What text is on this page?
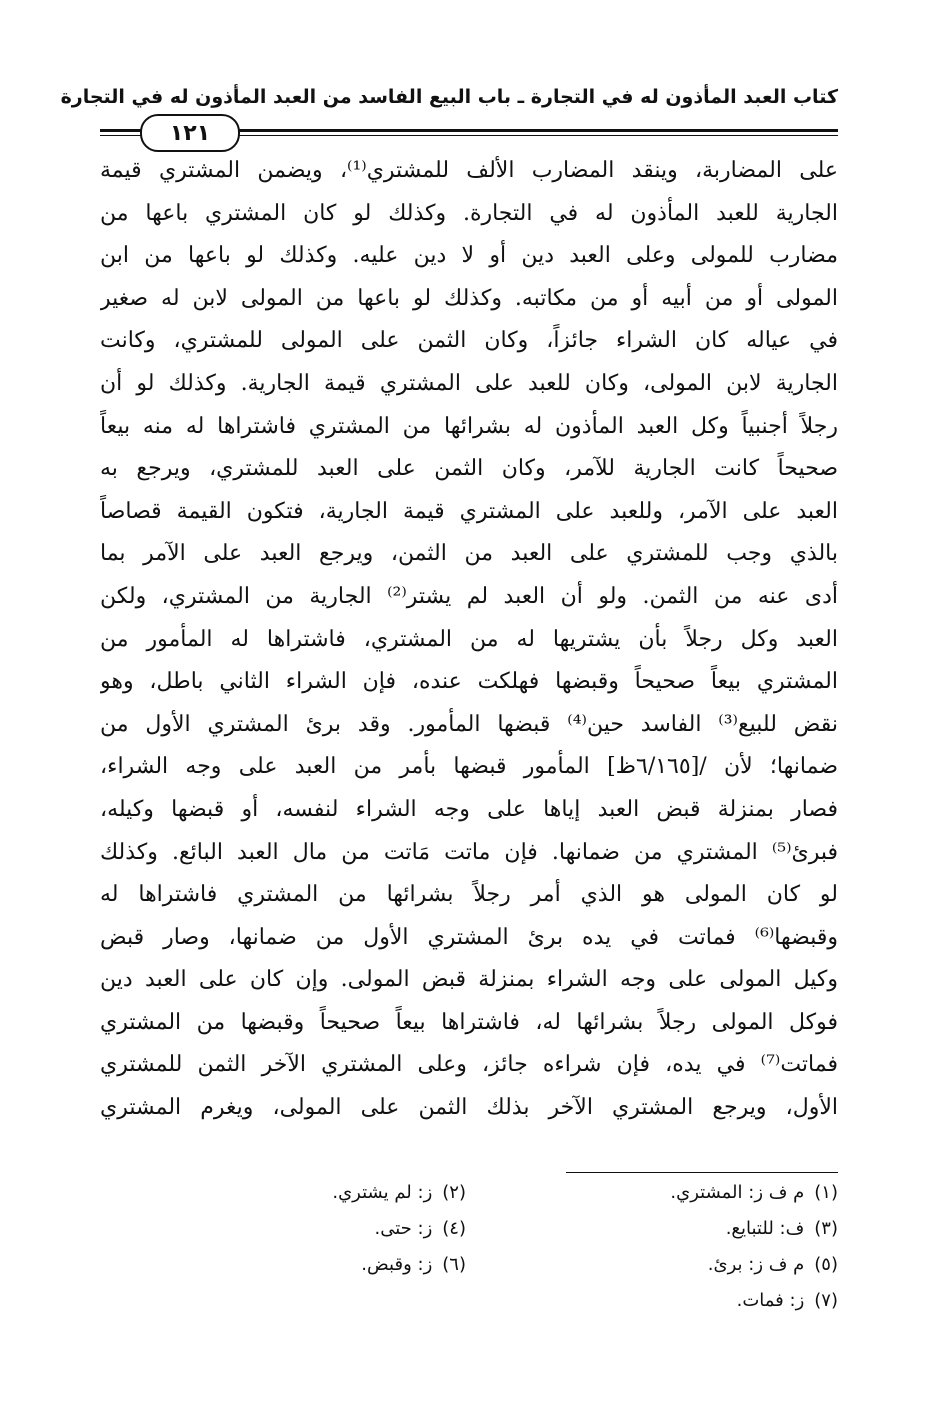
كتاب العبد المأذون له في التجارة ـ باب البيع الفاسد من العبد المأذون له في التجارة
١٢١
على المضاربة، وينقد المضارب الألف للمشتري⁽¹⁾، ويضمن المشتري قيمة
الجارية للعبد المأذون له في التجارة. وكذلك لو كان المشتري باعها من
مضارب للمولى وعلى العبد دين أو لا دين عليه. وكذلك لو باعها من ابن
المولى أو من أبيه أو من مكاتبه. وكذلك لو باعها من المولى لابن له صغير
في عياله كان الشراء جائزاً، وكان الثمن على المولى للمشتري، وكانت
الجارية لابن المولى، وكان للعبد على المشتري قيمة الجارية. وكذلك لو أن
رجلاً أجنبياً وكل العبد المأذون له بشرائها من المشتري فاشتراها له منه بيعاً
صحيحاً كانت الجارية للآمر، وكان الثمن على العبد للمشتري، ويرجع به
العبد على الآمر، وللعبد على المشتري قيمة الجارية، فتكون القيمة قصاصاً
بالذي وجب للمشتري على العبد من الثمن، ويرجع العبد على الآمر بما
أدى عنه من الثمن. ولو أن العبد لم يشتر⁽²⁾ الجارية من المشتري، ولكن
العبد وكل رجلاً بأن يشتريها له من المشتري، فاشتراها له المأمور من
المشتري بيعاً صحيحاً وقبضها فهلكت عنده، فإن الشراء الثاني باطل، وهو
نقض للبيع⁽³⁾ الفاسد حين⁽⁴⁾ قبضها المأمور. وقد برئ المشتري الأول من
ضمانها؛ لأن /[٦/١٦٥ظ] المأمور قبضها بأمر من العبد على وجه الشراء،
فصار بمنزلة قبض العبد إياها على وجه الشراء لنفسه، أو قبضها وكيله،
فبرئ⁽⁵⁾ المشتري من ضمانها. فإن ماتت مَاتت من مال العبد البائع. وكذلك
لو كان المولى هو الذي أمر رجلاً بشرائها من المشتري فاشتراها له
وقبضها⁽⁶⁾ فماتت في يده برئ المشتري الأول من ضمانها، وصار قبض
وكيل المولى على وجه الشراء بمنزلة قبض المولى. وإن كان على العبد دين
فوكل المولى رجلاً بشرائها له، فاشتراها بيعاً صحيحاً وقبضها من المشتري
فماتت⁽⁷⁾ في يده، فإن شراءه جائز، وعلى المشتري الآخر الثمن للمشتري
الأول، ويرجع المشتري الآخر بذلك الثمن على المولى، ويغرم المشتري
(١)م ف ز: المشتري.
(٢)ز: لم يشتري.
(٣)ف: للتبايع.
(٤)ز: حتى.
(٥)م ف ز: برئ.
(٦)ز: وقبض.
(٧)ز: فمات.
